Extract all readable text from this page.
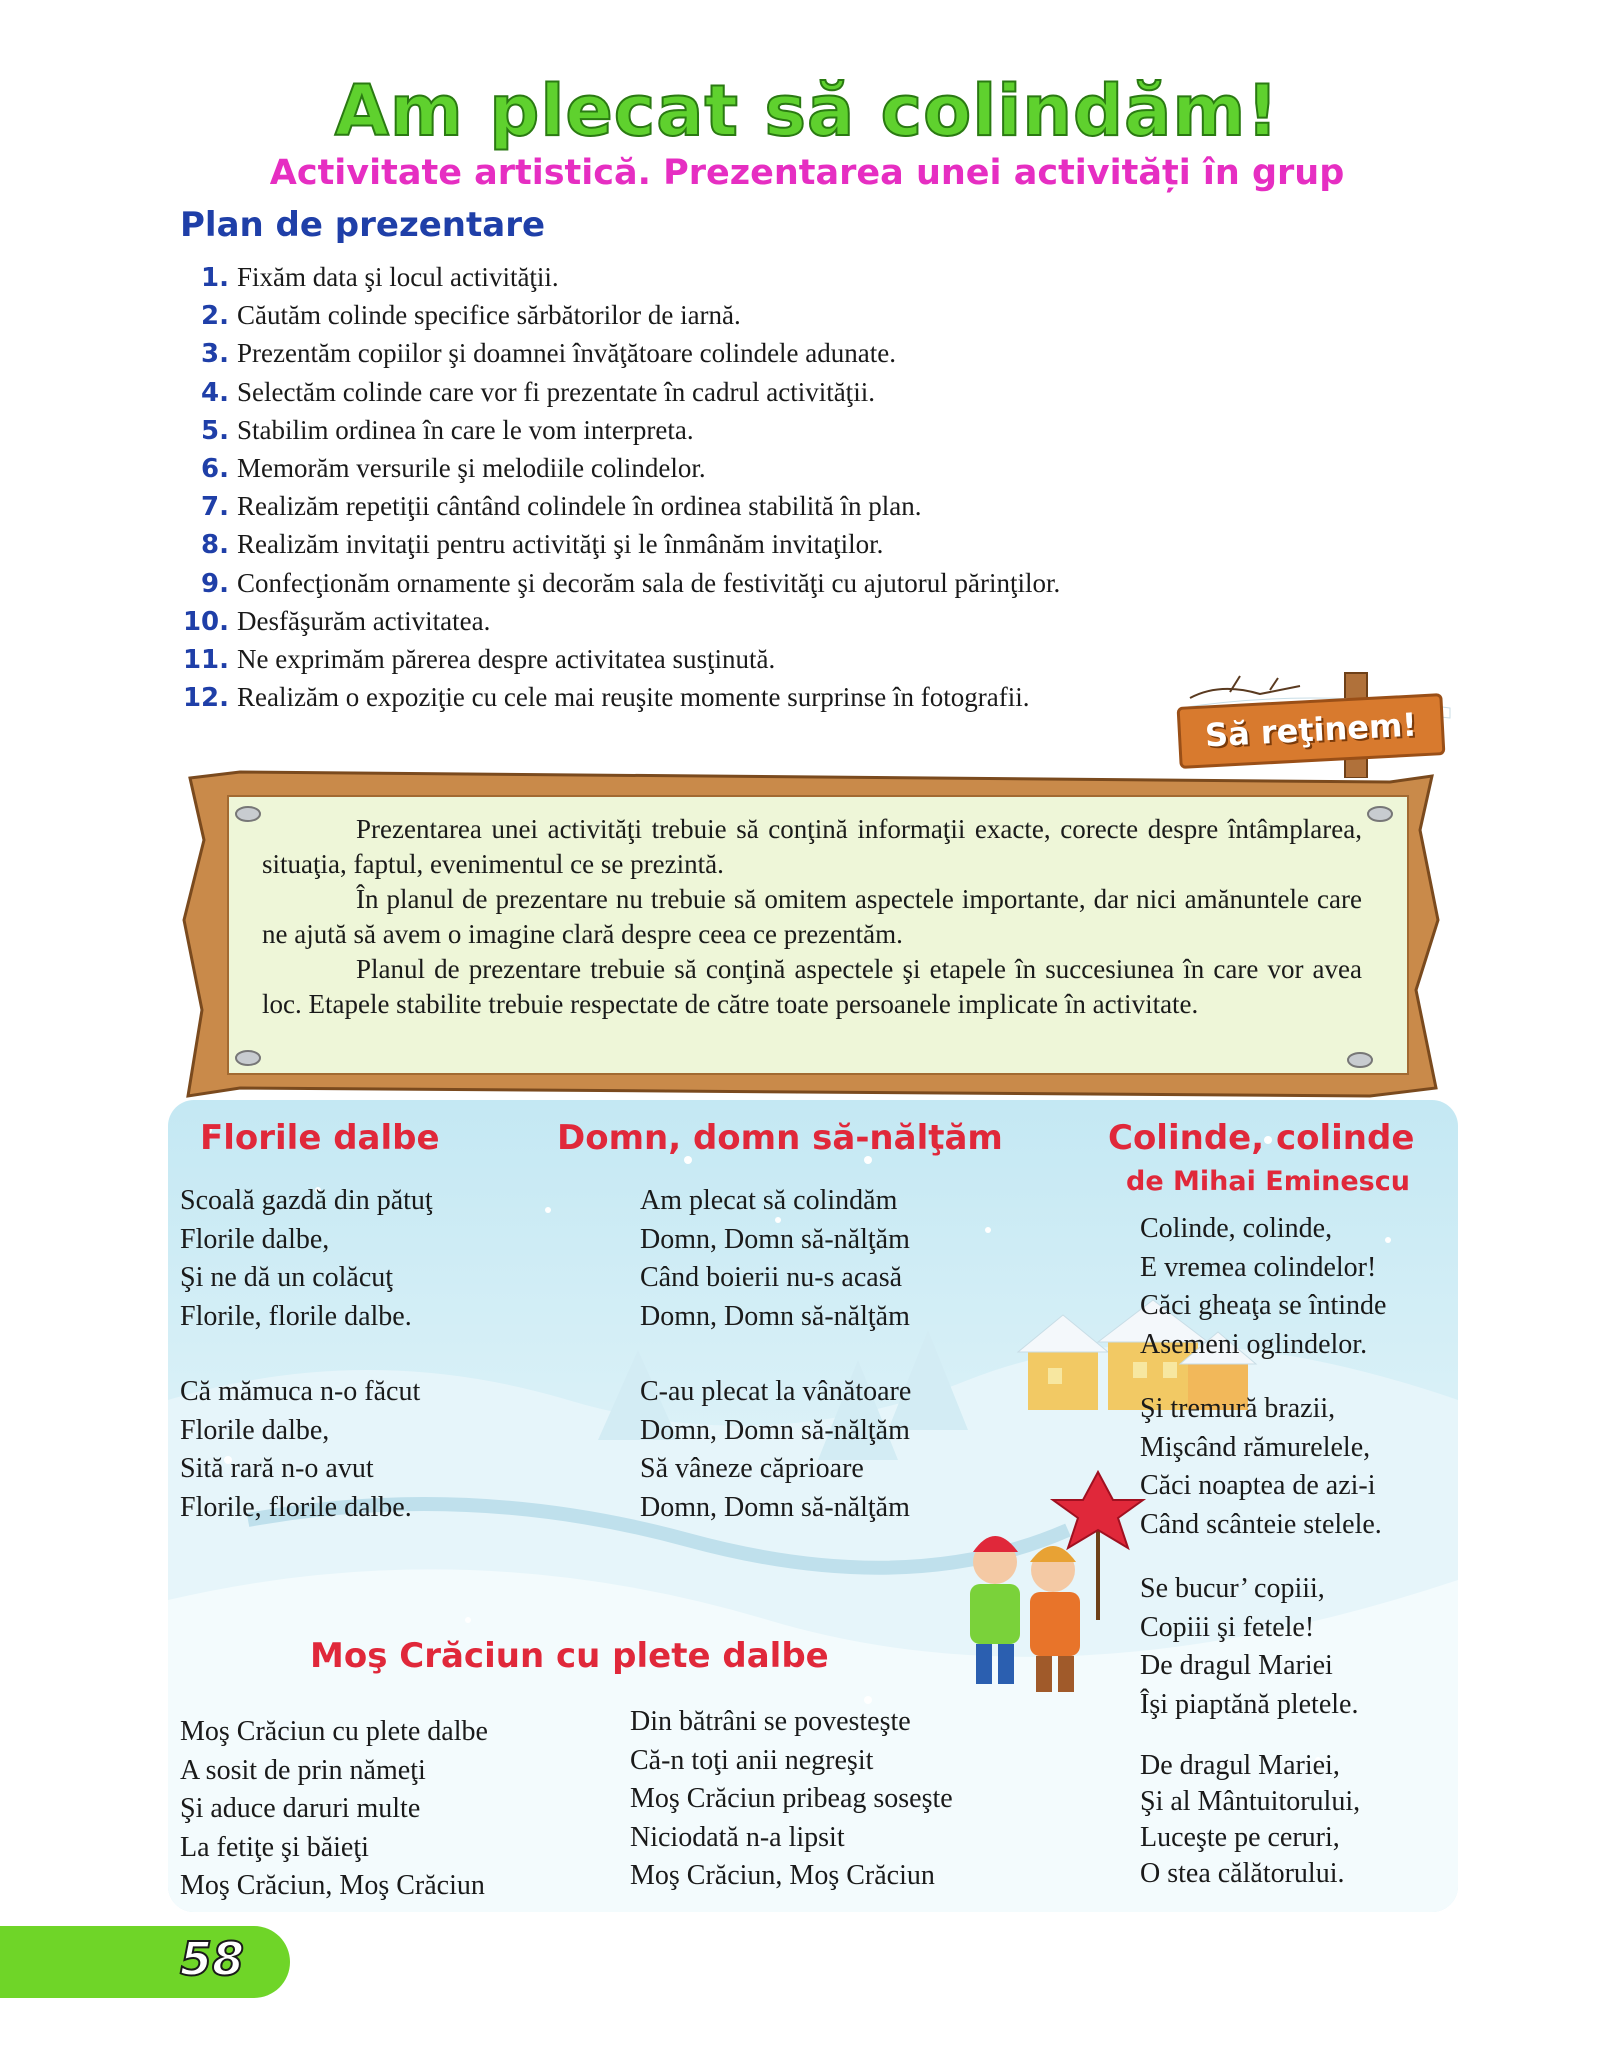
Am plecat să colindăm!
Activitate artistică. Prezentarea unei activități în grup
Plan de prezentare
1. Fixăm data şi locul activităţii.
2. Căutăm colinde specifice sărbătorilor de iarnă.
3. Prezentăm copiilor şi doamnei învăţătoare colindele adunate.
4. Selectăm colinde care vor fi prezentate în cadrul activităţii.
5. Stabilim ordinea în care le vom interpreta.
6. Memorăm versurile şi melodiile colindelor.
7. Realizăm repetiţii cântând colindele în ordinea stabilită în plan.
8. Realizăm invitaţii pentru activităţi şi le înmânăm invitaţilor.
9. Confecţionăm ornamente şi decorăm sala de festivităţi cu ajutorul părinţilor.
10. Desfăşurăm activitatea.
11. Ne exprimăm părerea despre activitatea susţinută.
12. Realizăm o expoziţie cu cele mai reuşite momente surprinse în fotografii.
Să reţinem!

Prezentarea unei activităţi trebuie să conţină informaţii exacte, corecte despre întâmplarea, situaţia, faptul, evenimentul ce se prezintă.

În planul de prezentare nu trebuie să omitem aspectele importante, dar nici amănuntele care ne ajută să avem o imagine clară despre ceea ce prezentăm.

Planul de prezentare trebuie să conţină aspectele şi etapele în succesiunea în care vor avea loc. Etapele stabilite trebuie respectate de către toate persoanele implicate în activitate.

Florile dalbe
Scoală gazdă din pătuţ
Florile dalbe,
Şi ne dă un colăcuţ
Florile, florile dalbe.
Că mămuca n-o făcut
Florile dalbe,
Sită rară n-o avut
Florile, florile dalbe.
Domn, domn să-nălţăm
Am plecat să colindăm
Domn, Domn să-nălţăm
Când boierii nu-s acasă
Domn, Domn să-nălţăm
C-au plecat la vânătoare
Domn, Domn să-nălţăm
Să vâneze căprioare
Domn, Domn să-nălţăm
Colinde, colinde
de Mihai Eminescu
Colinde, colinde,
E vremea colindelor!
Căci gheaţa se întinde
Asemeni oglindelor.
Şi tremură brazii,
Mişcând rămurelele,
Căci noaptea de azi-i
Când scânteie stelele.
Se bucur’ copiii,
Copiii şi fetele!
De dragul Mariei
Îşi piaptănă pletele.
De dragul Mariei,
Şi al Mântuitorului,
Luceşte pe ceruri,
O stea călătorului.
Moş Crăciun cu plete dalbe
Moş Crăciun cu plete dalbe
A sosit de prin nămeţi
Şi aduce daruri multe
La fetiţe şi băieţi
Moş Crăciun, Moş Crăciun
Din bătrâni se povesteşte
Că-n toţi anii negreşit
Moş Crăciun pribeag soseşte
Niciodată n-a lipsit
Moş Crăciun, Moş Crăciun
58
